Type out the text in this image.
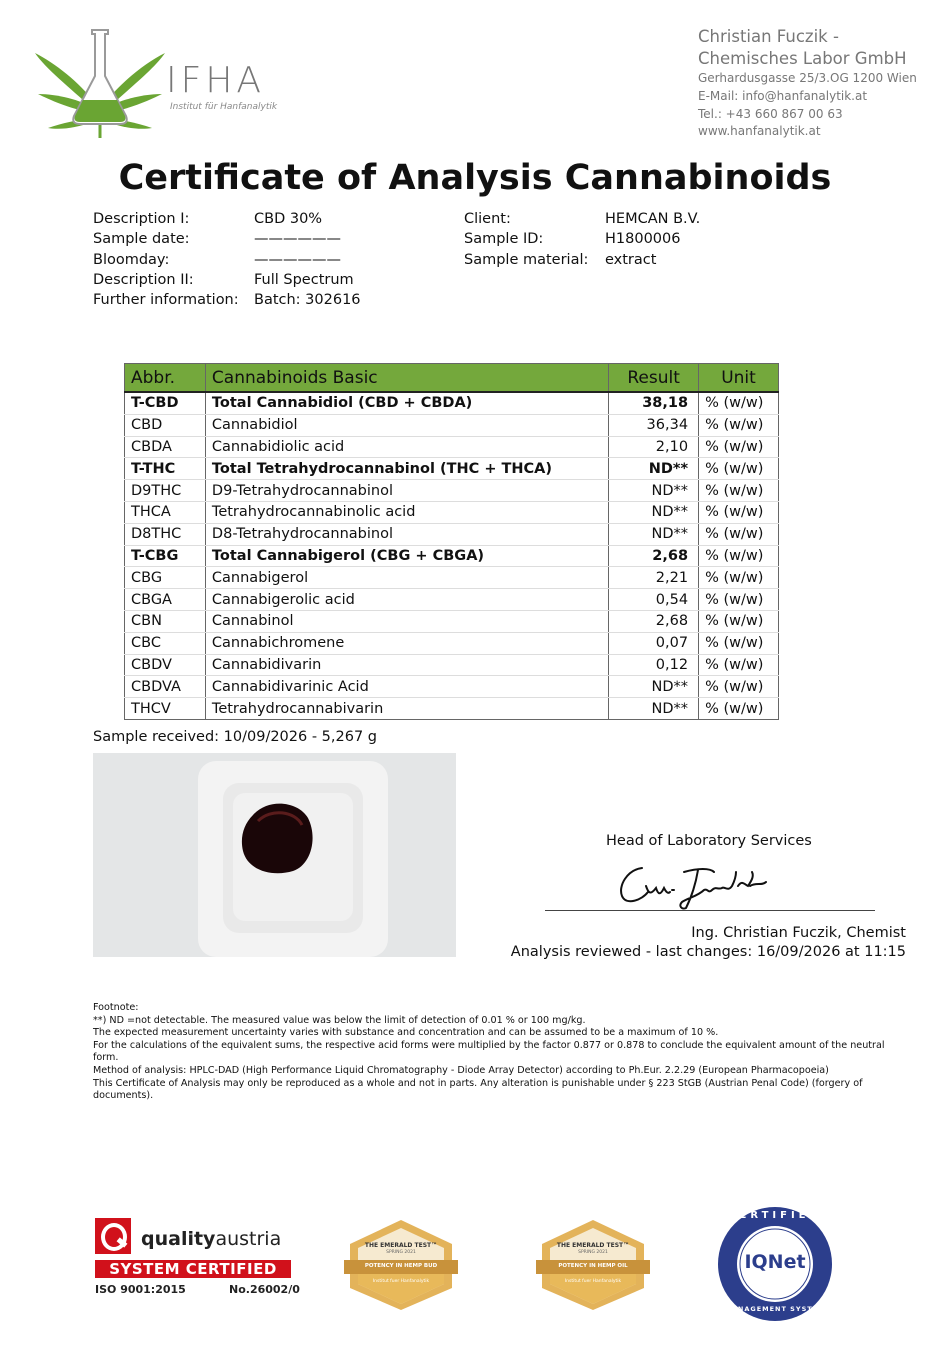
IFHA
Institut für Hanfanalytik
Christian Fuczik -
Chemisches Labor GmbH
Gerhardusgasse 25/3.OG 1200 Wien
E-Mail: info@hanfanalytik.at
Tel.: +43 660 867 00 63
www.hanfanalytik.at
Certificate of Analysis Cannabinoids
Description I:	CBD 30%
Sample date:	——————
Bloomday:	——————
Description II:	Full Spectrum
Further information: Batch: 302616
Client:	HEMCAN B.V.
Sample ID:	H1800006
Sample material: extract
Abbr.	Cannabinoids Basic	Result	Unit
T-CBD	Total Cannabidiol (CBD + CBDA)	38,18	% (w/w)
CBD	Cannabidiol	36,34	% (w/w)
CBDA	Cannabidiolic acid	2,10	% (w/w)
T-THC	Total Tetrahydrocannabinol (THC + THCA)	ND**	% (w/w)
D9THC	D9-Tetrahydrocannabinol	ND**	% (w/w)
THCA	Tetrahydrocannabinolic acid	ND**	% (w/w)
D8THC	D8-Tetrahydrocannabinol	ND**	% (w/w)
T-CBG	Total Cannabigerol (CBG + CBGA)	2,68	% (w/w)
CBG	Cannabigerol	2,21	% (w/w)
CBGA	Cannabigerolic acid	0,54	% (w/w)
CBN	Cannabinol	2,68	% (w/w)
CBC	Cannabichromene	0,07	% (w/w)
CBDV	Cannabidivarin	0,12	% (w/w)
CBDVA	Cannabidivarinic Acid	ND**	% (w/w)
THCV	Tetrahydrocannabivarin	ND**	% (w/w)
Sample received: 10/09/2026 - 5,267 g
Head of Laboratory Services
Ing. Christian Fuczik, Chemist
Analysis reviewed - last changes: 16/09/2026 at 11:15
Footnote:
**) ND =not detectable. The measured value was below the limit of detection of 0.01 % or 100 mg/kg.
The expected measurement uncertainty varies with substance and concentration and can be assumed to be a maximum of 10 %.
For the calculations of the equivalent sums, the respective acid forms were multiplied by the factor 0.877 or 0.878 to conclude the equivalent amount of the neutral form.
Method of analysis: HPLC-DAD (High Performance Liquid Chromatography - Diode Array Detector) according to Ph.Eur. 2.2.29 (European Pharmacopoeia)
This Certificate of Analysis may only be reproduced as a whole and not in parts. Any alteration is punishable under § 223 StGB (Austrian Penal Code) (forgery of documents).
qualityaustria
SYSTEM CERTIFIED
ISO 9001:2015	No.26002/0
THE EMERALD TEST™
SPRING 2021
POTENCY IN HEMP BUD
Institut fuer Hanfanalytik
THE EMERALD TEST™
SPRING 2021
POTENCY IN HEMP OIL
Institut fuer Hanfanalytik
CERTIFIED
IQNet
MANAGEMENT SYSTEM
